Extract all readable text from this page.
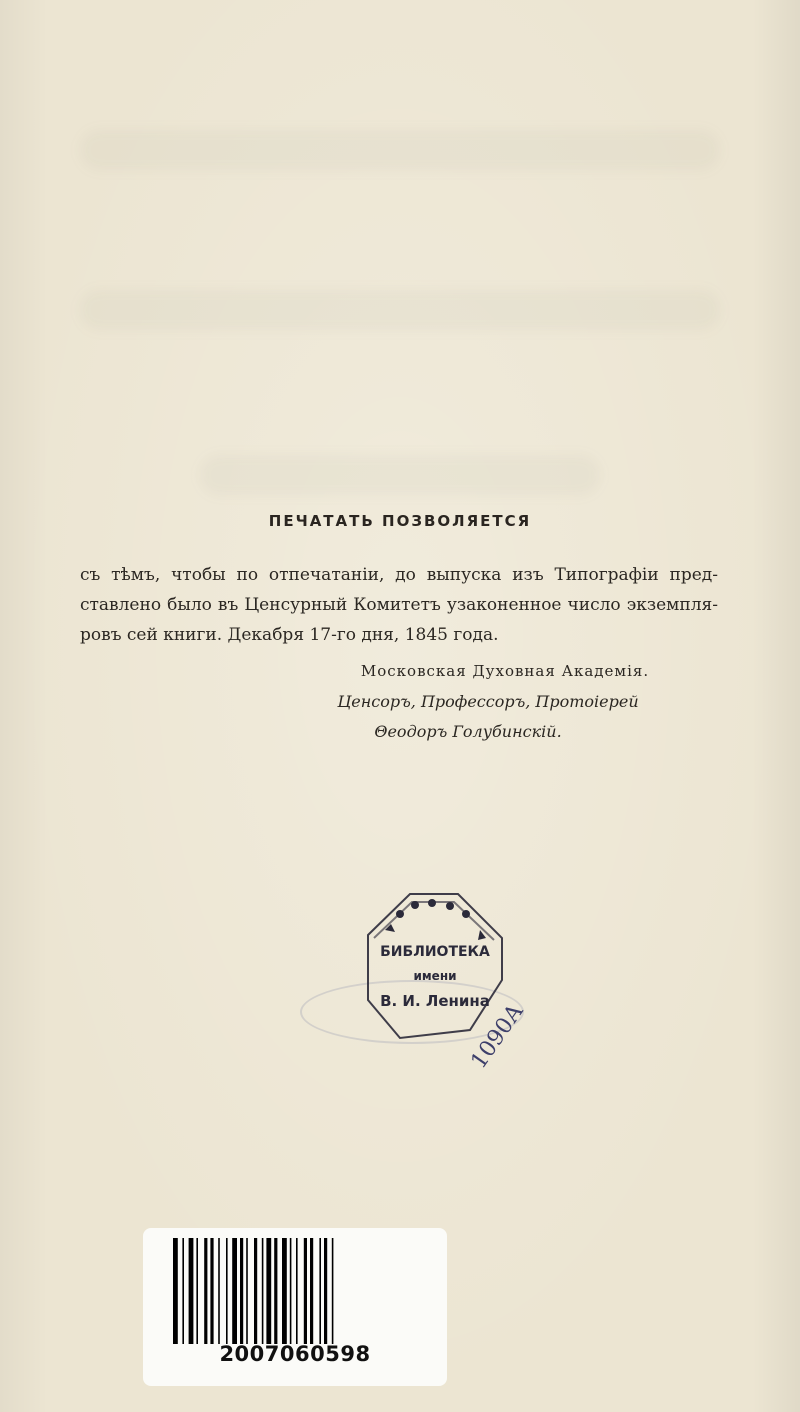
ПЕЧАТАТЬ ПОЗВОЛЯЕТСЯ
съ тѣмъ, чтобы по отпечатаніи, до выпуска изъ Типографіи пред-
ставлено было въ Ценсурный Комитетъ узаконенное число экземпля-
ровъ сей книги. Декабря 17-го дня, 1845 года.
Московская Духовная Академія.
Ценсоръ, Профессоръ, Протоіерей
Θеодоръ Голубинскій.
БИБЛИОТЕКА
имени
В. И. Ленина
1090А
2007060598
